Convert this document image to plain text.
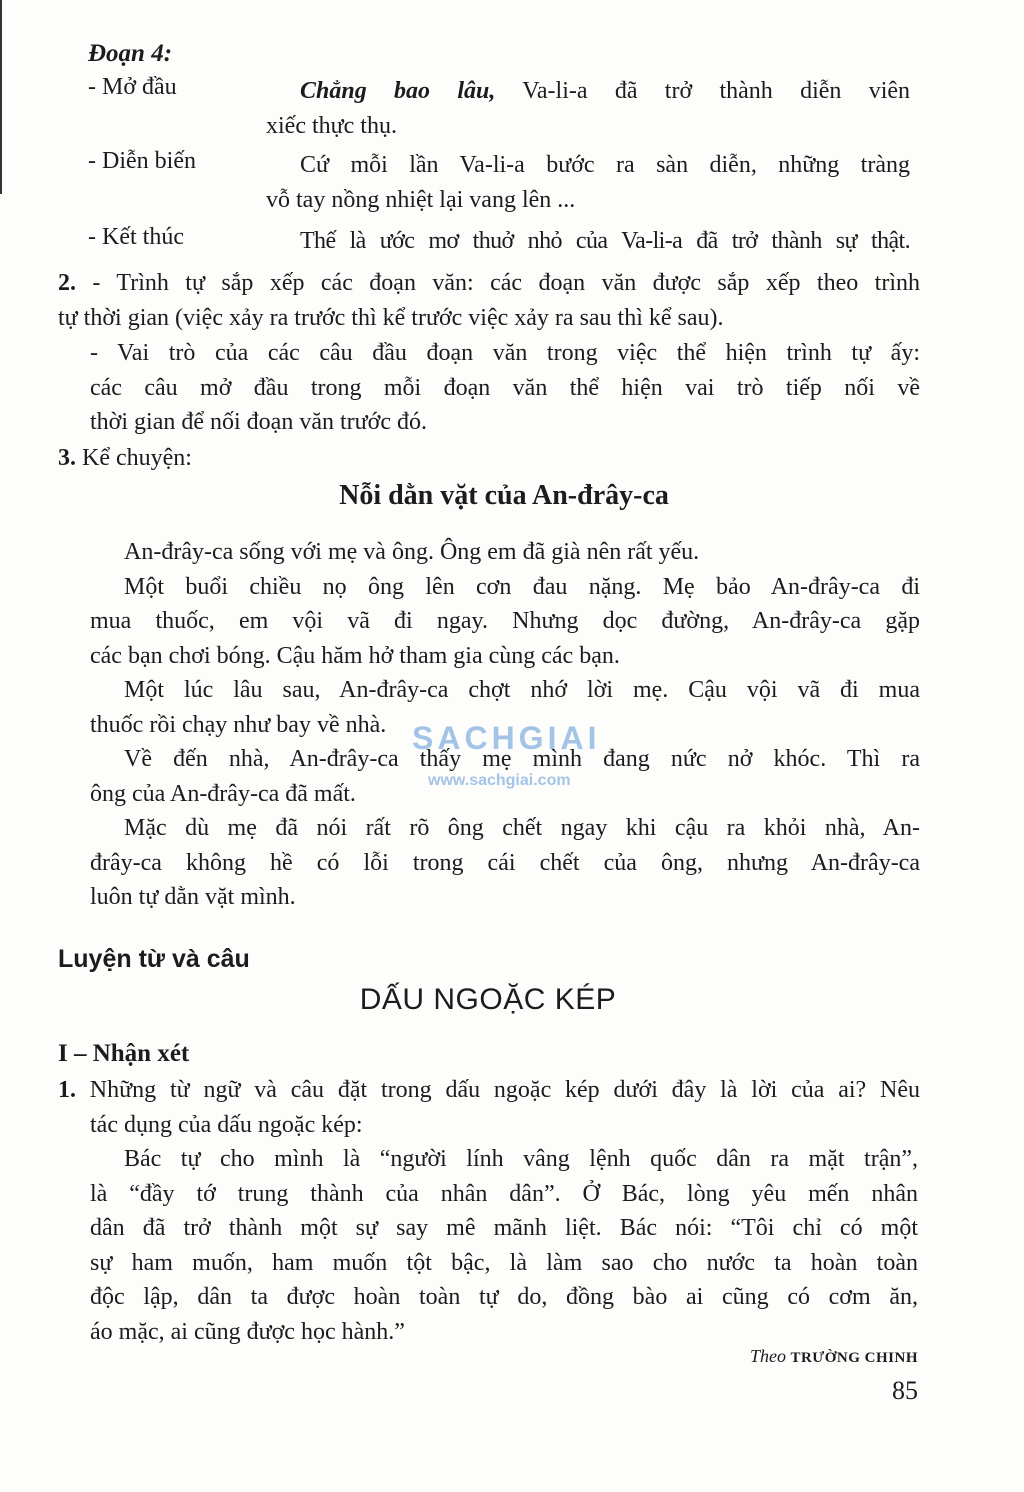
Đoạn 4:
- Mở đầu	Chẳng bao lâu, Va-li-a đã trở thành diễn viên
xiếc thực thụ.
- Diễn biến	Cứ mỗi lần Va-li-a bước ra sàn diễn, những tràng
vỗ tay nồng nhiệt lại vang lên ...
- Kết thúc	Thế là ước mơ thuở nhỏ của Va-li-a đã trở thành sự thật.
2. - Trình tự sắp xếp các đoạn văn: các đoạn văn được sắp xếp theo trình
tự thời gian (việc xảy ra trước thì kể trước việc xảy ra sau thì kể sau).
- Vai trò của các câu đầu đoạn văn trong việc thể hiện trình tự ấy:
các câu mở đầu trong mỗi đoạn văn thể hiện vai trò tiếp nối về
thời gian để nối đoạn văn trước đó.
3. Kể chuyện:
Nỗi dằn vặt của An-đrây-ca
An-đrây-ca sống với mẹ và ông. Ông em đã già nên rất yếu.
Một buổi chiều nọ ông lên cơn đau nặng. Mẹ bảo An-đrây-ca đi
mua thuốc, em vội vã đi ngay. Nhưng dọc đường, An-đrây-ca gặp
các bạn chơi bóng. Cậu hăm hở tham gia cùng các bạn.
Một lúc lâu sau, An-đrây-ca chợt nhớ lời mẹ. Cậu vội vã đi mua
thuốc rồi chạy như bay về nhà.
Về đến nhà, An-đrây-ca thấy mẹ mình đang nức nở khóc. Thì ra
ông của An-đrây-ca đã mất.
Mặc dù mẹ đã nói rất rõ ông chết ngay khi cậu ra khỏi nhà, An-
đrây-ca không hề có lỗi trong cái chết của ông, nhưng An-đrây-ca
luôn tự dằn vặt mình.
Luyện từ và câu
DẤU NGOẶC KÉP
I – Nhận xét
1. Những từ ngữ và câu đặt trong dấu ngoặc kép dưới đây là lời của ai? Nêu
tác dụng của dấu ngoặc kép:
Bác tự cho mình là “người lính vâng lệnh quốc dân ra mặt trận”,
là “đầy tớ trung thành của nhân dân”. Ở Bác, lòng yêu mến nhân
dân đã trở thành một sự say mê mãnh liệt. Bác nói: “Tôi chỉ có một
sự ham muốn, ham muốn tột bậc, là làm sao cho nước ta hoàn toàn
độc lập, dân ta được hoàn toàn tự do, đồng bào ai cũng có cơm ăn,
áo mặc, ai cũng được học hành.”
Theo TRƯỜNG CHINH
85
SACHGIAI
www.sachgiai.com
